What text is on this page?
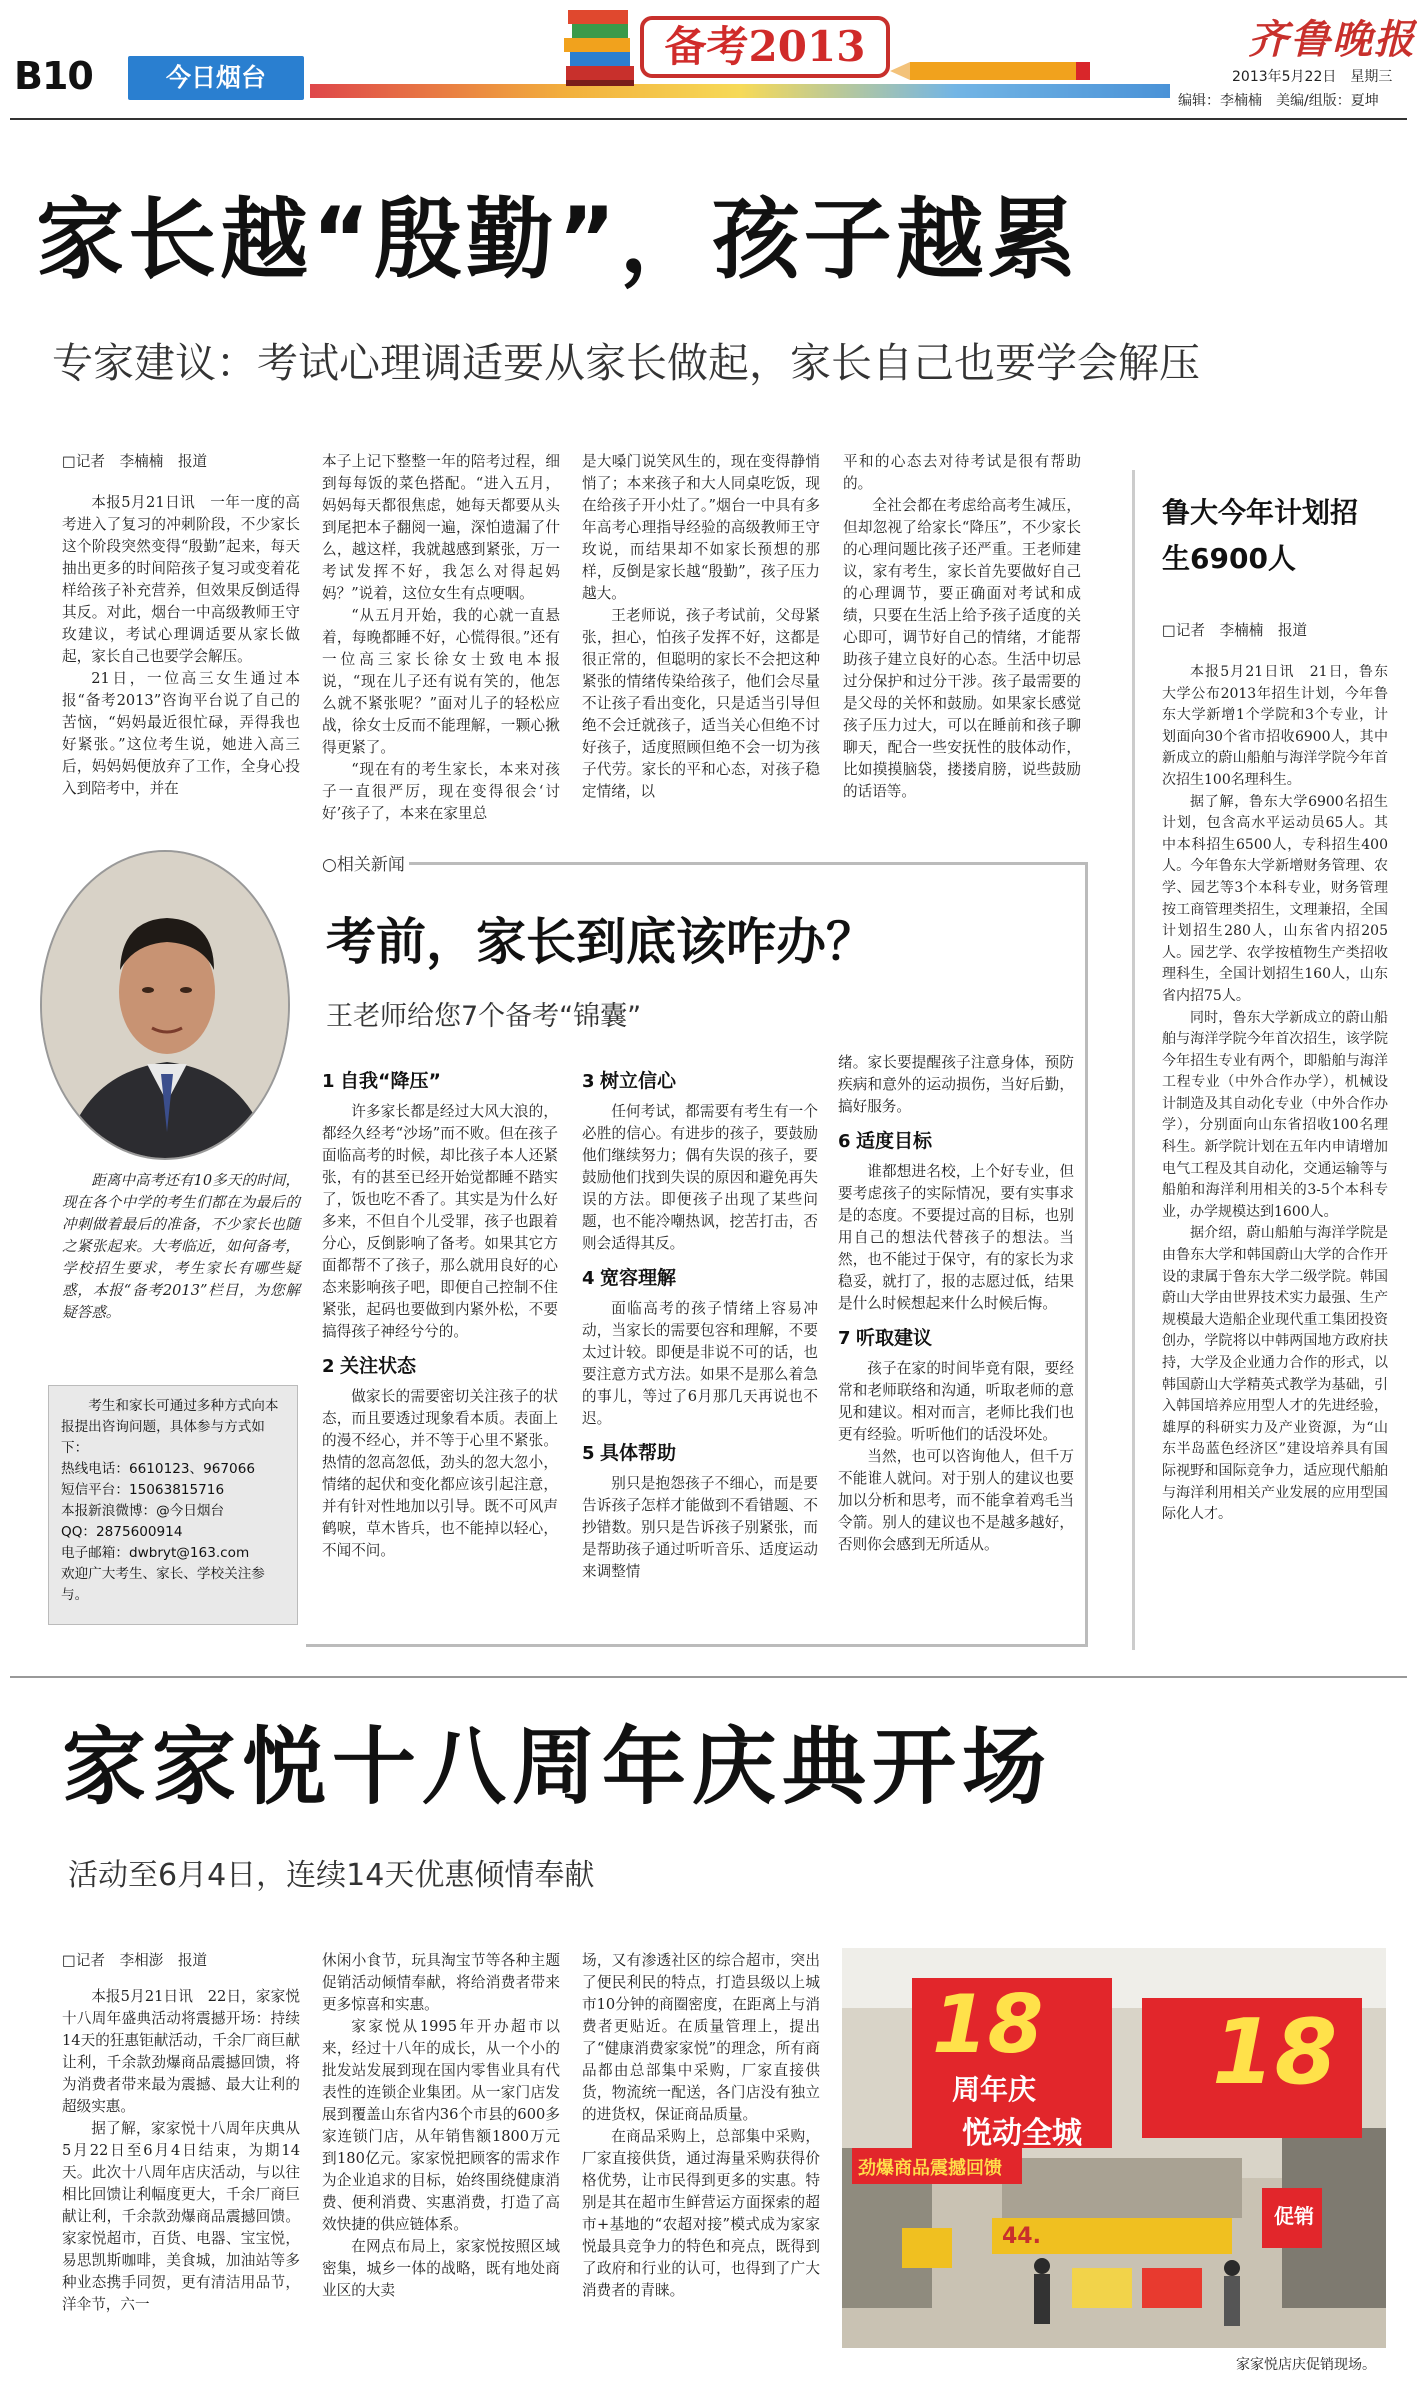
B10	今日烟台
备考2013	齐鲁晚报
2013年5月22日　 星期三
编辑：李楠楠　美编/组版：夏坤
家长越“殷勤”，孩子越累
专家建议：考试心理调适要从家长做起，家长自己也要学会解压
□记者　李楠楠　报道

本报5月21日讯　一年一度的高考进入了复习的冲刺阶段，不少家长这个阶段突然变得“殷勤”起来，每天抽出更多的时间陪孩子复习或变着花样给孩子补充营养，但效果反倒适得其反。对此，烟台一中高级教师王守玫建议，考试心理调适要从家长做起，家长自己也要学会解压。

21日，一位高三女生通过本报“备考2013”咨询平台说了自己的苦恼，“妈妈最近很忙碌，弄得我也好紧张。”这位考生说，她进入高三后，妈妈妈便放弃了工作，全身心投入到陪考中，并在

本子上记下整整一年的陪考过程，细到每每饭的菜色搭配。“进入五月，妈妈每天都很焦虑，她每天都要从头到尾把本子翻阅一遍，深怕遗漏了什么，越这样，我就越感到紧张，万一考试发挥不好，我怎么对得起妈妈？”说着，这位女生有点哽咽。

“从五月开始，我的心就一直悬着，每晚都睡不好，心慌得很。”还有一位高三家长徐女士致电本报说，“现在儿子还有说有笑的，他怎么就不紧张呢？”面对儿子的轻松应战，徐女士反而不能理解，一颗心揪得更紧了。

“现在有的考生家长，本来对孩子一直很严厉，现在变得很会‘讨好’孩子了，本来在家里总

是大嗓门说笑风生的，现在变得静悄悄了；本来孩子和大人同桌吃饭，现在给孩子开小灶了。”烟台一中具有多年高考心理指导经验的高级教师王守玫说，而结果却不如家长预想的那样，反倒是家长越“殷勤”，孩子压力越大。

王老师说，孩子考试前，父母紧张，担心，怕孩子发挥不好，这都是很正常的，但聪明的家长不会把这种紧张的情绪传染给孩子，他们会尽量不让孩子看出变化，只是适当引导但绝不会迁就孩子，适当关心但绝不讨好孩子，适度照顾但绝不会一切为孩子代劳。家长的平和心态，对孩子稳定情绪，以

平和的心态去对待考试是很有帮助的。

全社会都在考虑给高考生减压，但却忽视了给家长“降压”，不少家长的心理问题比孩子还严重。王老师建议，家有考生，家长首先要做好自己的心理调节，要正确面对考试和成绩，只要在生活上给予孩子适度的关心即可，调节好自己的情绪，才能帮助孩子建立良好的心态。生活中切忌过分保护和过分干涉。孩子最需要的是父母的关怀和鼓励。如果家长感觉孩子压力过大，可以在睡前和孩子聊聊天，配合一些安抚性的肢体动作，比如摸摸脑袋，搂搂肩膀，说些鼓励的话语等。

距离中高考还有10多天的时间，现在各个中学的考生们都在为最后的冲刺做着最后的准备，不少家长也随之紧张起来。大考临近，如何备考，学校招生要求，考生家长有哪些疑惑，本报“备考2013”栏目，为您解疑答惑。
考生和家长可通过多种方式向本报提出咨询问题，具体参与方式如下：
热线电话：6610123、967066
短信平台：15063815716
本报新浪微博：@今日烟台
QQ：2875600914
电子邮箱：dwbryt@163.com
欢迎广大考生、家长、学校关注参与。
○相关新闻
考前，家长到底该咋办？
王老师给您7个备考“锦囊”
1 自我“降压”

许多家长都是经过大风大浪的，都经久经考“沙场”而不败。但在孩子面临高考的时候，却比孩子本人还紧张，有的甚至已经开始觉都睡不踏实了，饭也吃不香了。其实是为什么好多来，不但自个儿受罪，孩子也跟着分心，反倒影响了备考。如果其它方面都帮不了孩子，那么就用良好的心态来影响孩子吧，即便自己控制不住紧张，起码也要做到内紧外松，不要搞得孩子神经兮兮的。

2 关注状态

做家长的需要密切关注孩子的状态，而且要透过现象看本质。表面上的漫不经心，并不等于心里不紧张。热情的忽高忽低，劲头的忽大忽小，情绪的起伏和变化都应该引起注意，并有针对性地加以引导。既不可风声鹤唳，草木皆兵，也不能掉以轻心，不闻不问。

3 树立信心

任何考试，都需要有考生有一个必胜的信心。有进步的孩子，要鼓励他们继续努力；偶有失误的孩子，要鼓励他们找到失误的原因和避免再失误的方法。即便孩子出现了某些问题，也不能冷嘲热讽，挖苦打击，否则会适得其反。

4 宽容理解

面临高考的孩子情绪上容易冲动，当家长的需要包容和理解，不要太过计较。即便是非说不可的话，也要注意方式方法。如果不是那么着急的事儿，等过了6月那几天再说也不迟。

5 具体帮助

别只是抱怨孩子不细心，而是要告诉孩子怎样才能做到不看错题、不抄错数。别只是告诉孩子别紧张，而是帮助孩子通过听听音乐、适度运动来调整情

绪。家长要提醒孩子注意身体，预防疾病和意外的运动损伤，当好后勤，搞好服务。

6 适度目标

谁都想进名校，上个好专业，但要考虑孩子的实际情况，要有实事求是的态度。不要提过高的目标，也别用自己的想法代替孩子的想法。当然，也不能过于保守，有的家长为求稳妥，就打了，报的志愿过低，结果是什么时候想起来什么时候后悔。

7 听取建议

孩子在家的时间毕竟有限，要经常和老师联络和沟通，听取老师的意见和建议。相对而言，老师比我们也更有经验。听听他们的话没坏处。

当然，也可以咨询他人，但千万不能谁人就问。对于别人的建议也要加以分析和思考，而不能拿着鸡毛当令箭。别人的建议也不是越多越好，否则你会感到无所适从。

鲁大今年计划招生6900人
□记者　李楠楠　报道

本报5月21日讯　21日，鲁东大学公布2013年招生计划，今年鲁东大学新增1个学院和3个专业，计划面向30个省市招收6900人，其中新成立的蔚山船舶与海洋学院今年首次招生100名理科生。

据了解，鲁东大学6900名招生计划，包含高水平运动员65人。其中本科招生6500人，专科招生400人。今年鲁东大学新增财务管理、农学、园艺等3个本科专业，财务管理按工商管理类招生，文理兼招，全国计划招生280人，山东省内招205人。园艺学、农学按植物生产类招收理科生，全国计划招生160人，山东省内招75人。

同时，鲁东大学新成立的蔚山船舶与海洋学院今年首次招生，该学院今年招生专业有两个，即船舶与海洋工程专业（中外合作办学），机械设计制造及其自动化专业（中外合作办学），分别面向山东省招收100名理科生。新学院计划在五年内申请增加电气工程及其自动化，交通运输等与船舶和海洋利用相关的3-5个本科专业，办学规模达到1600人。

据介绍，蔚山船舶与海洋学院是由鲁东大学和韩国蔚山大学的合作开设的隶属于鲁东大学二级学院。韩国蔚山大学由世界技术实力最强、生产规模最大造船企业现代重工集团投资创办，学院将以中韩两国地方政府扶持，大学及企业通力合作的形式，以韩国蔚山大学精英式教学为基础，引入韩国培养应用型人才的先进经验，雄厚的科研实力及产业资源，为“山东半岛蓝色经济区”建设培养具有国际视野和国际竞争力，适应现代船舶与海洋利用相关产业发展的应用型国际化人才。

家家悦十八周年庆典开场
活动至6月4日，连续14天优惠倾情奉献
□记者　李相澎　报道

本报5月21日讯　22日，家家悦十八周年盛典活动将震撼开场：持续14天的狂惠钜献活动，千余厂商巨献让利，千余款劲爆商品震撼回馈，将为消费者带来最为震撼、最大让利的超级实惠。

据了解，家家悦十八周年庆典从5月22日至6月4日结束，为期14天。此次十八周年店庆活动，与以往相比回馈让利幅度更大，千余厂商巨献让利，千余款劲爆商品震撼回馈。家家悦超市，百货、电器、宝宝悦，易思凯斯咖啡，美食城，加油站等多种业态携手同贺，更有清洁用品节，洋伞节，六一

休闲小食节，玩具淘宝节等各种主题促销活动倾情奉献，将给消费者带来更多惊喜和实惠。

家家悦从1995年开办超市以来，经过十八年的成长，从一个小的批发站发展到现在国内零售业具有代表性的连锁企业集团。从一家门店发展到覆盖山东省内36个市县的600多家连锁门店，从年销售额1800万元到180亿元。家家悦把顾客的需求作为企业追求的目标，始终围绕健康消费、便利消费、实惠消费，打造了高效快捷的供应链体系。

在网点布局上，家家悦按照区域密集，城乡一体的战略，既有地处商业区的大卖

场，又有渗透社区的综合超市，突出了便民利民的特点，打造县级以上城市10分钟的商圈密度，在距离上与消费者更贴近。在质量管理上，提出了“健康消费家家悦”的理念，所有商品都由总部集中采购，厂家直接供货，物流统一配送，各门店没有独立的进货权，保证商品质量。

在商品采购上，总部集中采购，厂家直接供货，通过海量采购获得价格优势，让市民得到更多的实惠。特别是其在超市生鲜营运方面探索的超市+基地的“农超对接”模式成为家家悦最具竞争力的特色和亮点，既得到了政府和行业的认可，也得到了广大消费者的青睐。

18
周年庆 18
悦动全城
劲爆商品震撼回馈
44.
促销
家家悦店庆促销现场。
